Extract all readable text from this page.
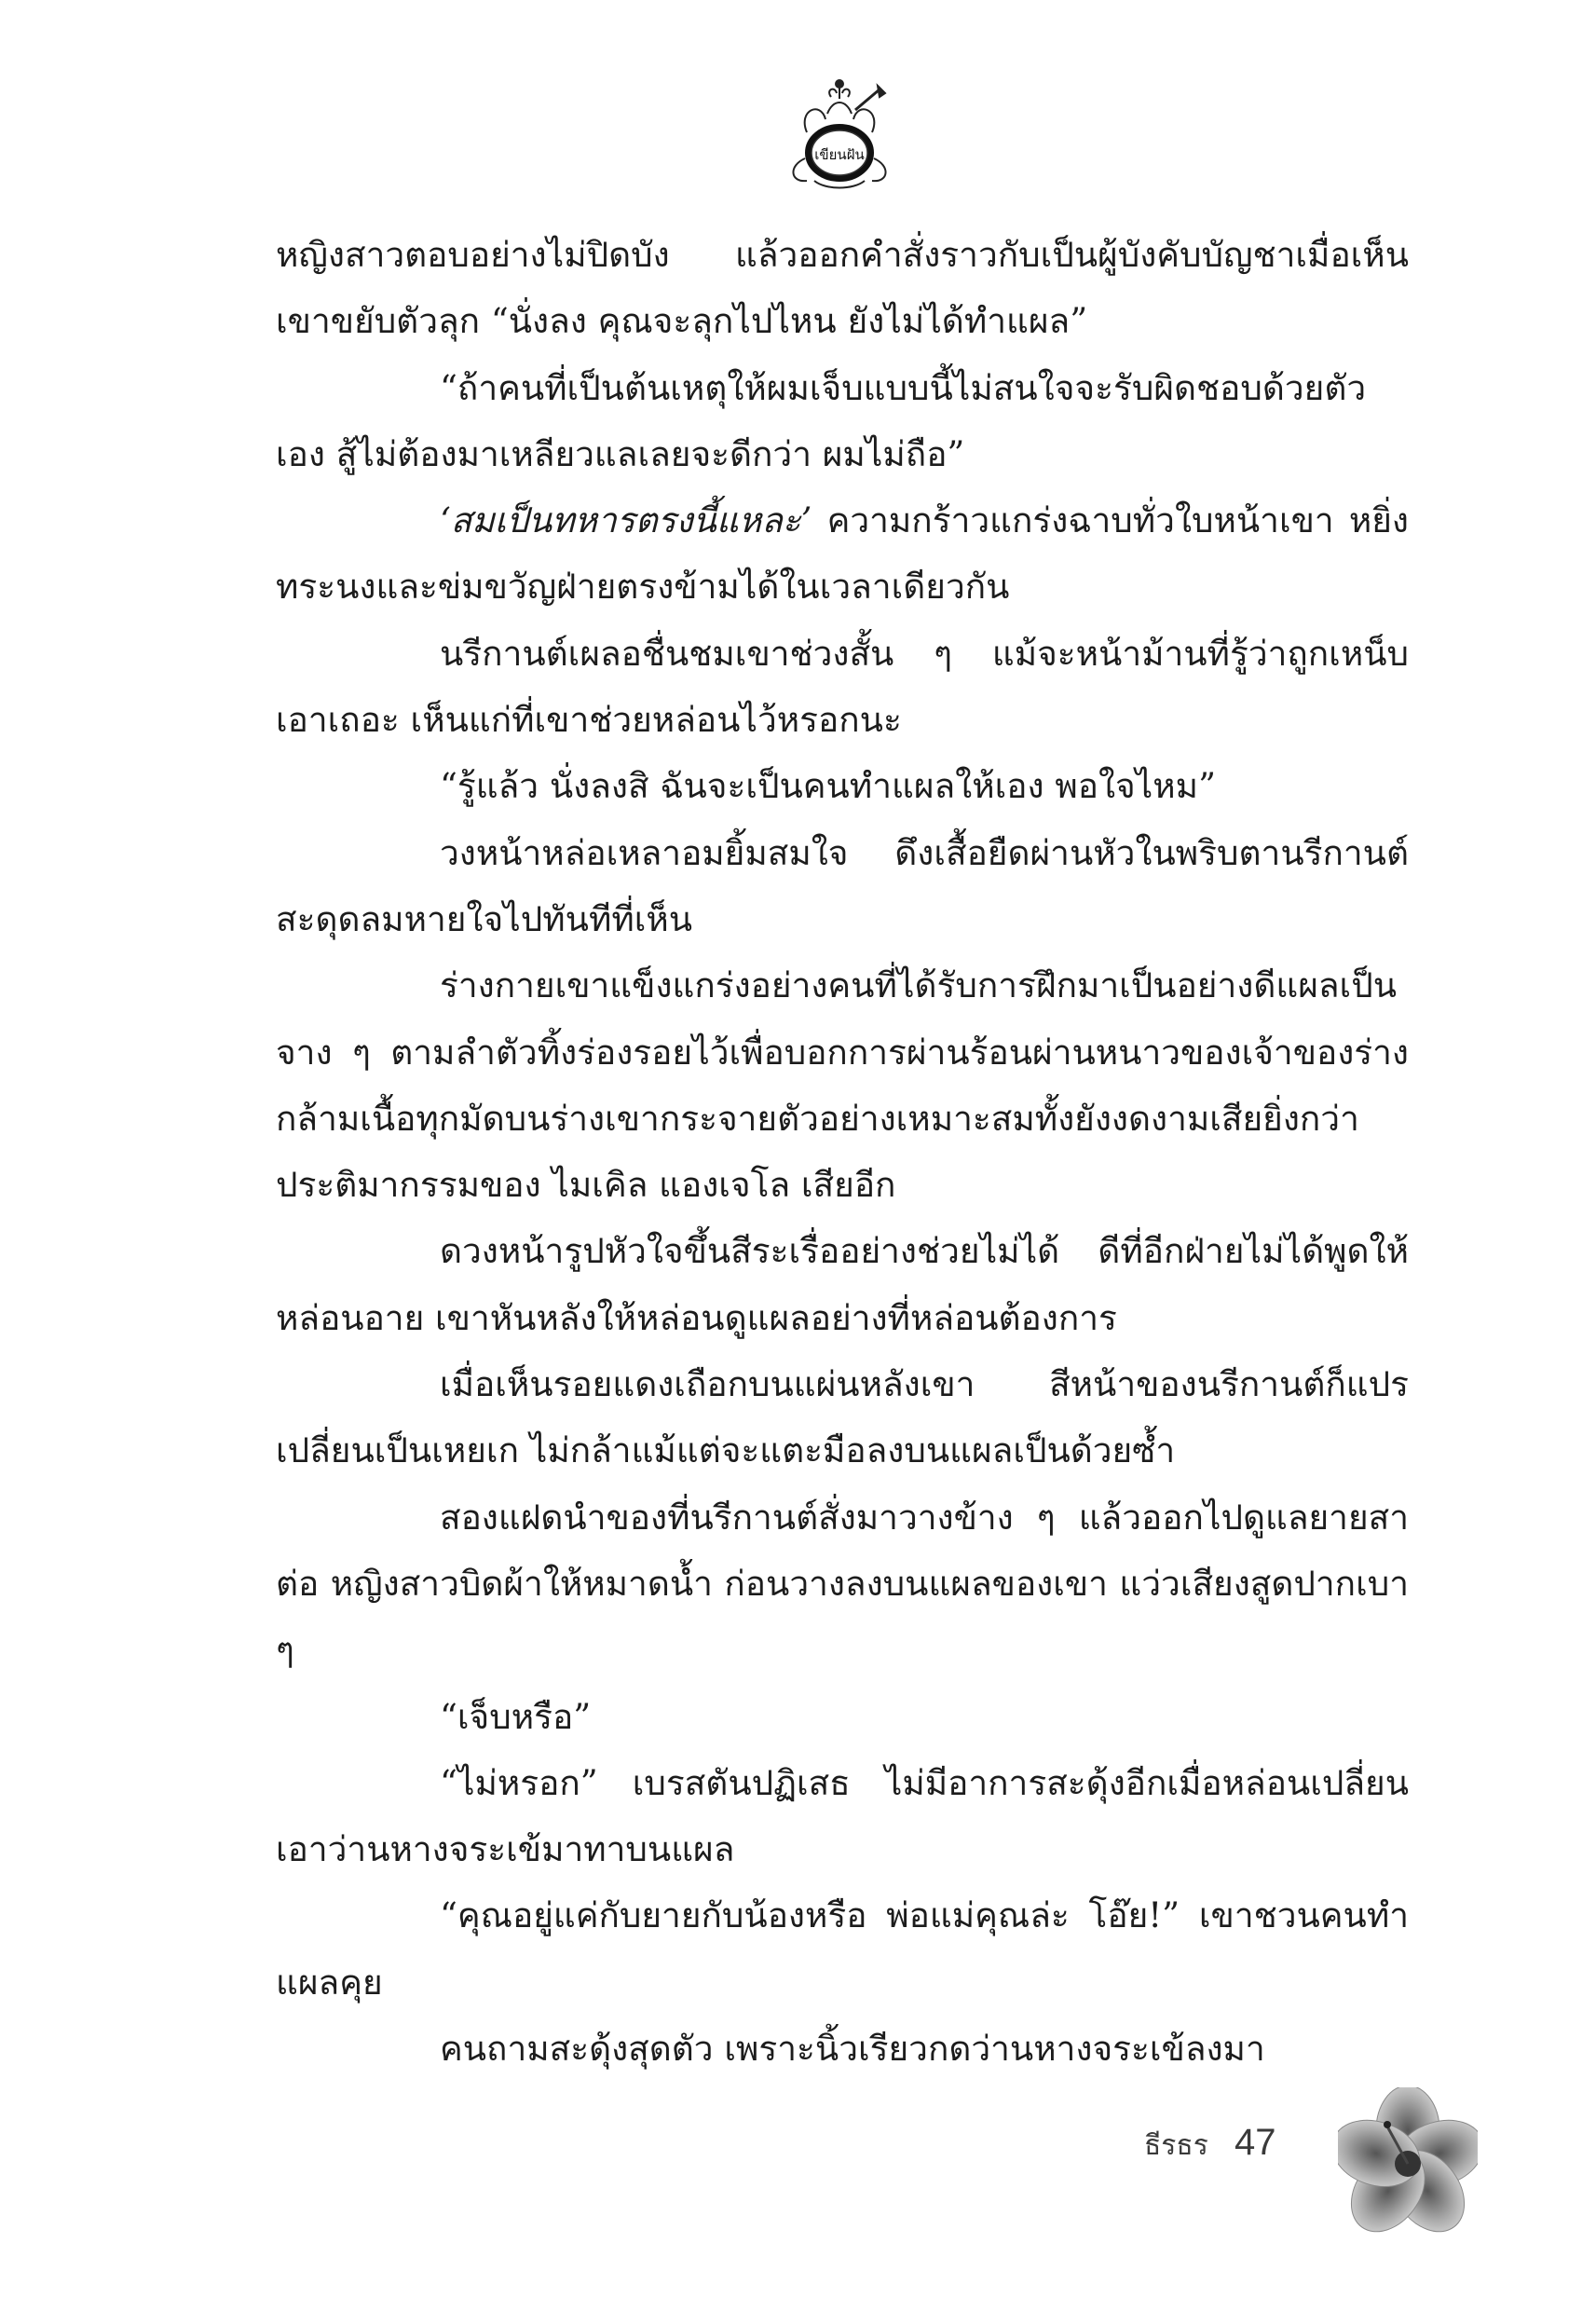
เขียนฝัน

หญิงสาวตอบอย่างไม่ปิดบัง แล้วออกคำสั่งราวกับเป็นผู้บังคับบัญชาเมื่อเห็นเขาขยับตัวลุก “นั่งลง คุณจะลุกไปไหน ยังไม่ได้ทำแผล”

“ถ้าคนที่เป็นต้นเหตุให้ผมเจ็บแบบนี้ไม่สนใจจะรับผิดชอบด้วยตัวเอง สู้ไม่ต้องมาเหลียวแลเลยจะดีกว่า ผมไม่ถือ”

‘สมเป็นทหารตรงนี้แหละ’ ความกร้าวแกร่งฉาบทั่วใบหน้าเขา หยิ่งทระนงและข่มขวัญฝ่ายตรงข้ามได้ในเวลาเดียวกัน

นรีกานต์เผลอชื่นชมเขาช่วงสั้น ๆ แม้จะหน้าม้านที่รู้ว่าถูกเหน็บ เอาเถอะ เห็นแก่ที่เขาช่วยหล่อนไว้หรอกนะ

“รู้แล้ว นั่งลงสิ ฉันจะเป็นคนทำแผลให้เอง พอใจไหม”

วงหน้าหล่อเหลาอมยิ้มสมใจ ดึงเสื้อยืดผ่านหัวในพริบตานรีกานต์สะดุดลมหายใจไปทันทีที่เห็น

ร่างกายเขาแข็งแกร่งอย่างคนที่ได้รับการฝึกมาเป็นอย่างดีแผลเป็นจาง ๆ ตามลำตัวทิ้งร่องรอยไว้เพื่อบอกการผ่านร้อนผ่านหนาวของเจ้าของร่าง กล้ามเนื้อทุกมัดบนร่างเขากระจายตัวอย่างเหมาะสมทั้งยังงดงามเสียยิ่งกว่าประติมากรรมของ ไมเคิล แองเจโล เสียอีก

ดวงหน้ารูปหัวใจขึ้นสีระเรื่ออย่างช่วยไม่ได้ ดีที่อีกฝ่ายไม่ได้พูดให้หล่อนอาย เขาหันหลังให้หล่อนดูแผลอย่างที่หล่อนต้องการ

เมื่อเห็นรอยแดงเถือกบนแผ่นหลังเขา สีหน้าของนรีกานต์ก็แปรเปลี่ยนเป็นเหยเก ไม่กล้าแม้แต่จะแตะมือลงบนแผลเป็นด้วยซ้ำ

สองแฝดนำของที่นรีกานต์สั่งมาวางข้าง ๆ แล้วออกไปดูแลยายสาต่อ หญิงสาวบิดผ้าให้หมาดน้ำ ก่อนวางลงบนแผลของเขา แว่วเสียงสูดปากเบา ๆ

“เจ็บหรือ”

“ไม่หรอก” เบรสตันปฏิเสธ ไม่มีอาการสะดุ้งอีกเมื่อหล่อนเปลี่ยนเอาว่านหางจระเข้มาทาบนแผล

“คุณอยู่แค่กับยายกับน้องหรือ พ่อแม่คุณล่ะ โอ๊ย!” เขาชวนคนทำแผลคุย

คนถามสะดุ้งสุดตัว เพราะนิ้วเรียวกดว่านหางจระเข้ลงมา

ธีรธร 47
